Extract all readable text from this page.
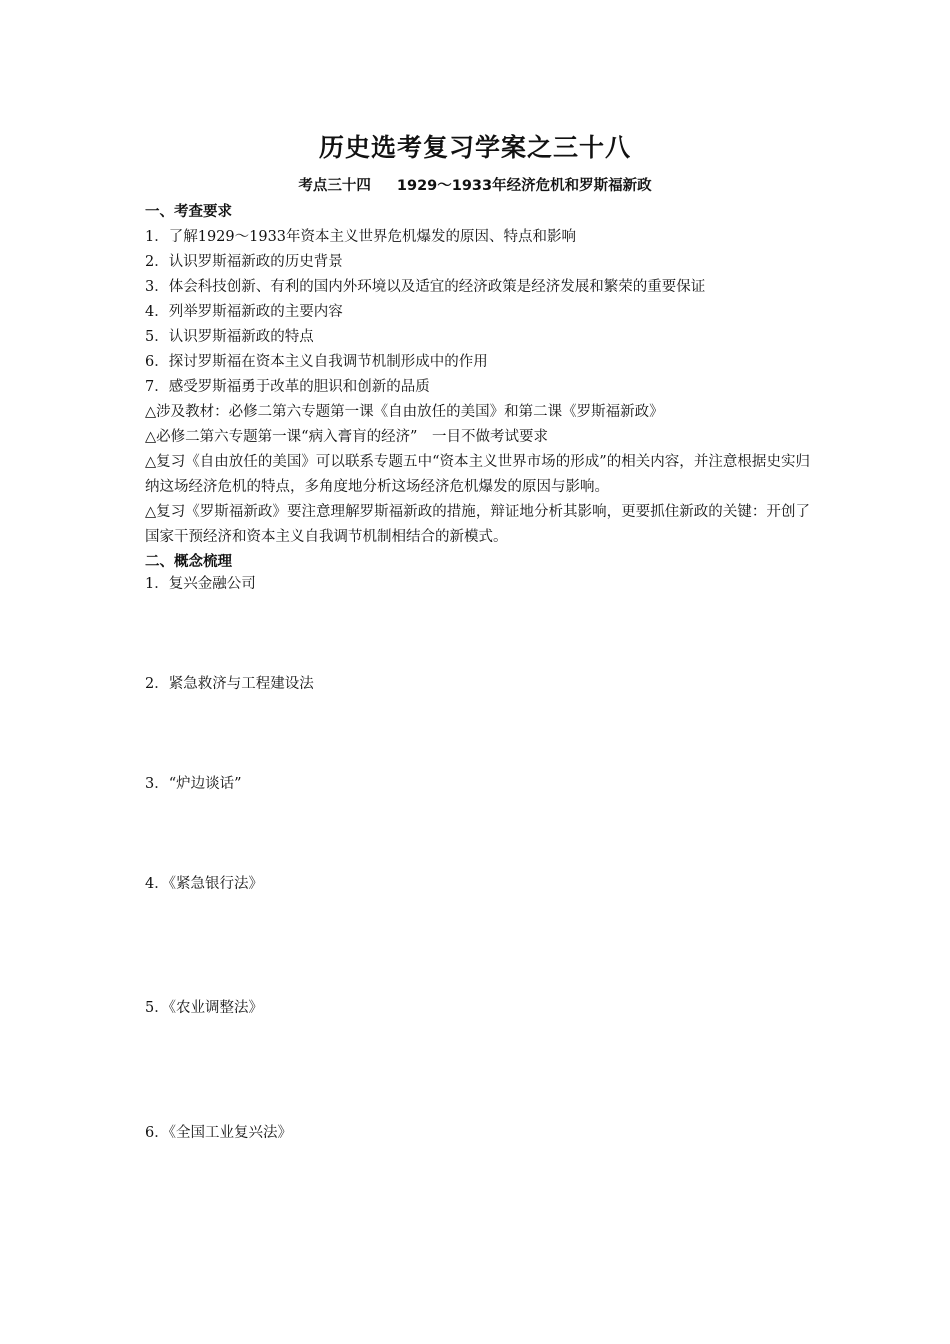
历史选考复习学案之三十八
考点三十四 1929～1933年经济危机和罗斯福新政
一、考查要求
1．了解1929～1933年资本主义世界危机爆发的原因、特点和影响
2．认识罗斯福新政的历史背景
3．体会科技创新、有利的国内外环境以及适宜的经济政策是经济发展和繁荣的重要保证
4．列举罗斯福新政的主要内容
5．认识罗斯福新政的特点
6．探讨罗斯福在资本主义自我调节机制形成中的作用
7．感受罗斯福勇于改革的胆识和创新的品质
△涉及教材：必修二第六专题第一课《自由放任的美国》和第二课《罗斯福新政》
△必修二第六专题第一课“病入膏肓的经济”　一目不做考试要求
△复习《自由放任的美国》可以联系专题五中“资本主义世界市场的形成”的相关内容，并注意根据史实归纳这场经济危机的特点，多角度地分析这场经济危机爆发的原因与影响。
△复习《罗斯福新政》要注意理解罗斯福新政的措施，辩证地分析其影响，更要抓住新政的关键：开创了国家干预经济和资本主义自我调节机制相结合的新模式。
二、概念梳理
1．复兴金融公司
2．紧急救济与工程建设法
3．“炉边谈话”
4．《紧急银行法》
5．《农业调整法》
6．《全国工业复兴法》
